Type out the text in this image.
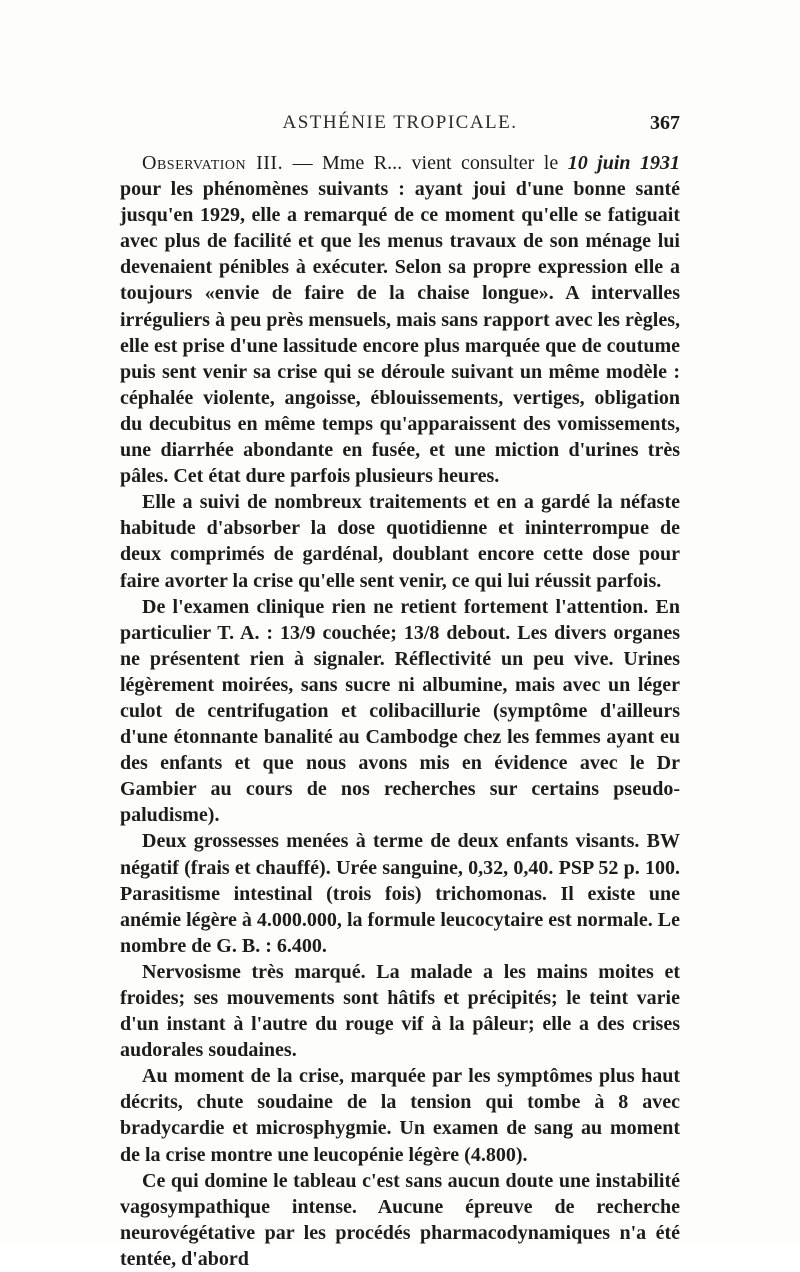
ASTHÉNIE TROPICALE.	367

Observation III. — Mme R... vient consulter le 10 juin 1931 pour les phénomènes suivants : ayant joui d'une bonne santé jusqu'en 1929, elle a remarqué de ce moment qu'elle se fatiguait avec plus de facilité et que les menus travaux de son ménage lui devenaient pénibles à exécuter. Selon sa propre expression elle a toujours «envie de faire de la chaise longue». A intervalles irréguliers à peu près mensuels, mais sans rapport avec les règles, elle est prise d'une lassitude encore plus marquée que de coutume puis sent venir sa crise qui se déroule suivant un même modèle : céphalée violente, angoisse, éblouissements, vertiges, obligation du decubitus en même temps qu'apparaissent des vomissements, une diarrhée abondante en fusée, et une miction d'urines très pâles. Cet état dure parfois plusieurs heures.

Elle a suivi de nombreux traitements et en a gardé la néfaste habitude d'absorber la dose quotidienne et ininterrompue de deux comprimés de gardénal, doublant encore cette dose pour faire avorter la crise qu'elle sent venir, ce qui lui réussit parfois.

De l'examen clinique rien ne retient fortement l'attention. En particulier T. A. : 13/9 couchée; 13/8 debout. Les divers organes ne présentent rien à signaler. Réflectivité un peu vive. Urines légèrement moirées, sans sucre ni albumine, mais avec un léger culot de centrifugation et colibacillurie (symptôme d'ailleurs d'une étonnante banalité au Cambodge chez les femmes ayant eu des enfants et que nous avons mis en évidence avec le Dr Gambier au cours de nos recherches sur certains pseudo-paludisme).

Deux grossesses menées à terme de deux enfants visants. BW négatif (frais et chauffé). Urée sanguine, 0,32, 0,40. PSP 52 p. 100. Parasitisme intestinal (trois fois) trichomonas. Il existe une anémie légère à 4.000.000, la formule leucocytaire est normale. Le nombre de G. B. : 6.400.

Nervosisme très marqué. La malade a les mains moites et froides; ses mouvements sont hâtifs et précipités; le teint varie d'un instant à l'autre du rouge vif à la pâleur; elle a des crises audorales soudaines.

Au moment de la crise, marquée par les symptômes plus haut décrits, chute soudaine de la tension qui tombe à 8 avec bradycardie et microsphygmie. Un examen de sang au moment de la crise montre une leucopénie légère (4.800).

Ce qui domine le tableau c'est sans aucun doute une instabilité vagosympathique intense. Aucune épreuve de recherche neurovégétative par les procédés pharmacodynamiques n'a été tentée, d'abord
